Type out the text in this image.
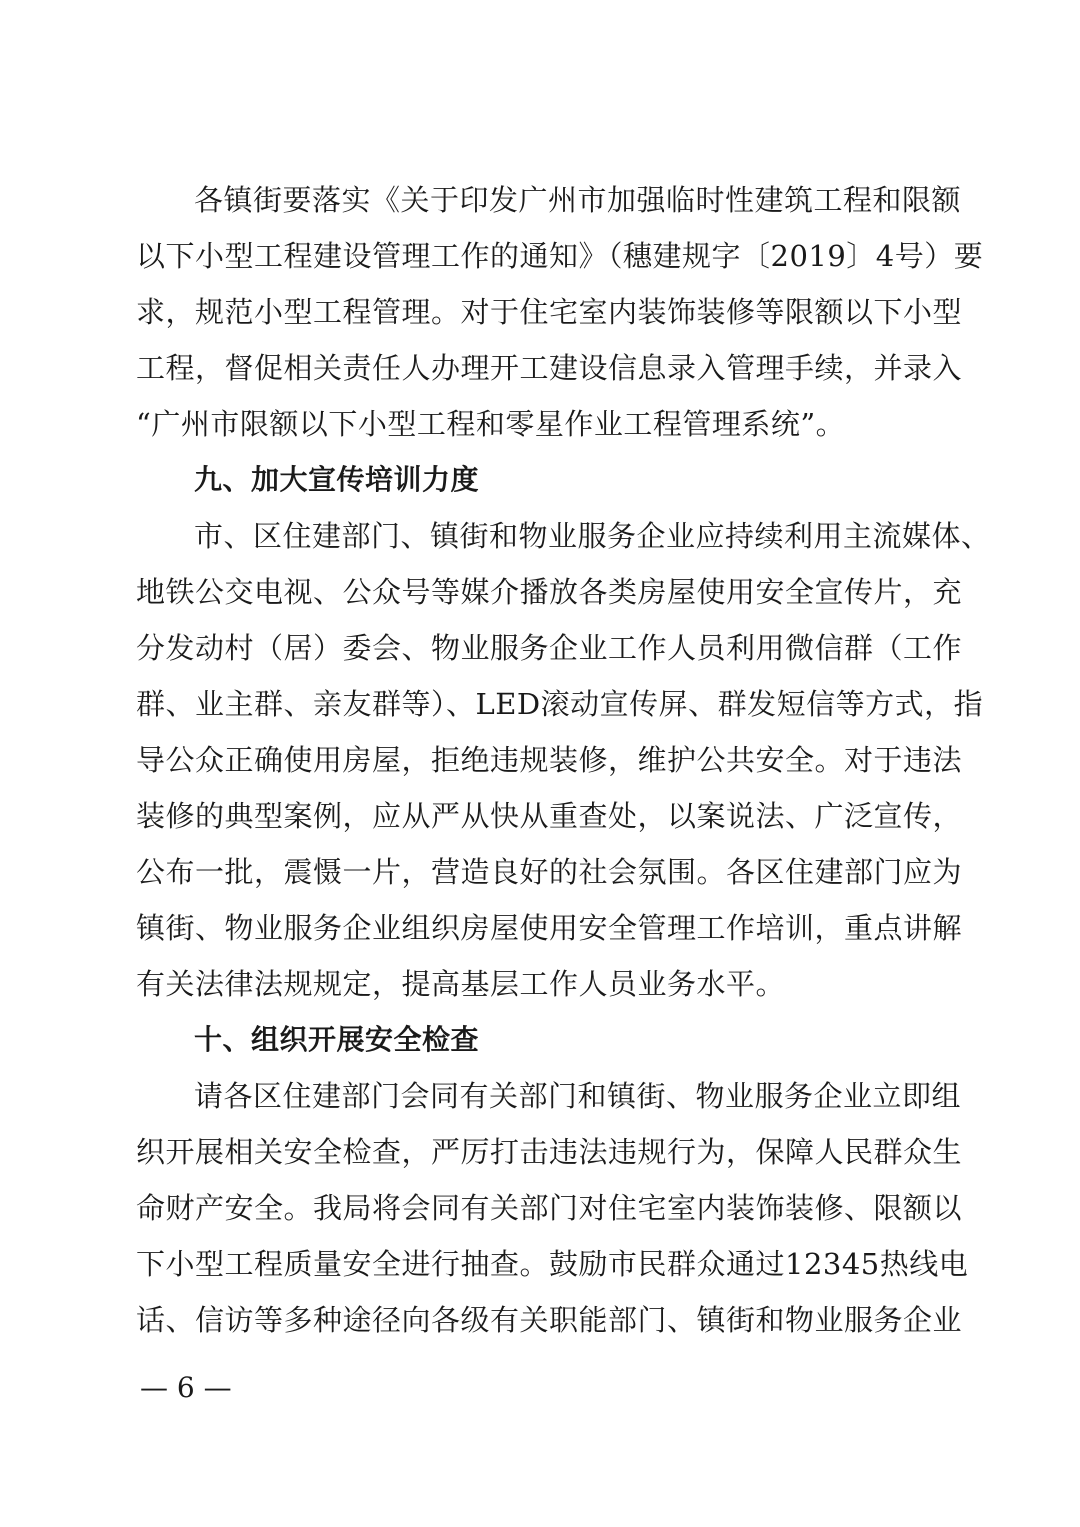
各镇街要落实《关于印发广州市加强临时性建筑工程和限额
以下小型工程建设管理工作的通知》（穗建规字〔2019〕4号）要
求，规范小型工程管理。对于住宅室内装饰装修等限额以下小型
工程，督促相关责任人办理开工建设信息录入管理手续，并录入
“广州市限额以下小型工程和零星作业工程管理系统”。
九、加大宣传培训力度
市、区住建部门、镇街和物业服务企业应持续利用主流媒体、
地铁公交电视、公众号等媒介播放各类房屋使用安全宣传片，充
分发动村（居）委会、物业服务企业工作人员利用微信群（工作
群、业主群、亲友群等）、LED滚动宣传屏、群发短信等方式，指
导公众正确使用房屋，拒绝违规装修，维护公共安全。对于违法
装修的典型案例，应从严从快从重查处，以案说法、广泛宣传，
公布一批，震慑一片，营造良好的社会氛围。各区住建部门应为
镇街、物业服务企业组织房屋使用安全管理工作培训，重点讲解
有关法律法规规定，提高基层工作人员业务水平。
十、组织开展安全检查
请各区住建部门会同有关部门和镇街、物业服务企业立即组
织开展相关安全检查，严厉打击违法违规行为，保障人民群众生
命财产安全。我局将会同有关部门对住宅室内装饰装修、限额以
下小型工程质量安全进行抽查。鼓励市民群众通过12345热线电
话、信访等多种途径向各级有关职能部门、镇街和物业服务企业
— 6 —
